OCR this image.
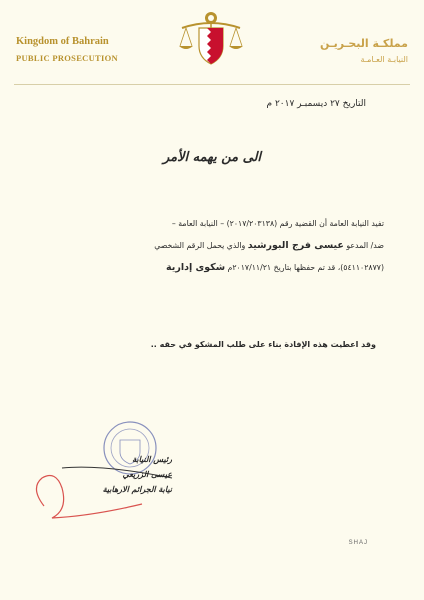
Kingdom of Bahrain
PUBLIC PROSECUTION
مملكـة البحـريـن
النيابـة العـامـة
التاريخ ٢٧ ديسمبـر ٢٠١٧ م
الى من يهمه الأمر
تفيد النيابة العامة أن القضية رقم (٢٠١٧/٢٠٣١٣٨) – النيابة العامة –
ضد/ المدعو عيسى فرج البورشيد والذي يحمل الرقم الشخصي
(٥٤١١٠٢٨٧٧)، قد تم حفظها بتاريخ ٢٠١٧/١١/٢١م شكوى إدارية
وقد اعطيت هذه الإفادة بناء على طلب المشكو في حقه ..
رئيس النيابة
عيسى الزريعي
نيابة الجرائم الارهابية
SHAJ
